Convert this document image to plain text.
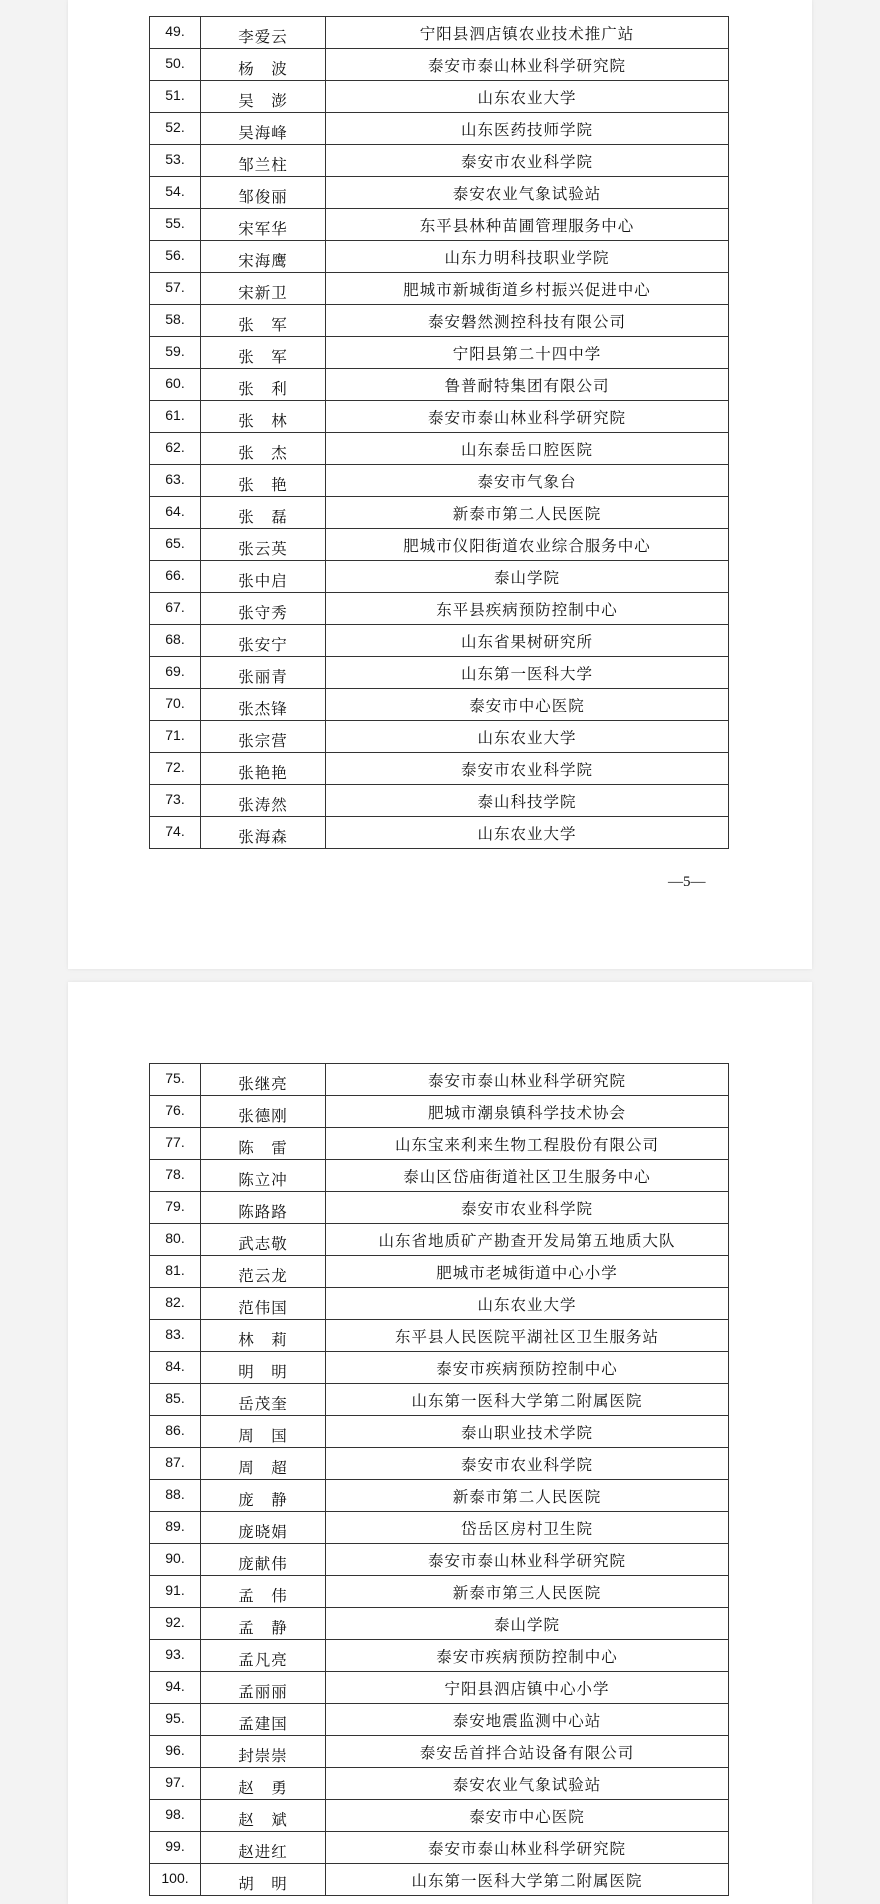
49.	李爱云	宁阳县泗店镇农业技术推广站
50.	杨　波	泰安市泰山林业科学研究院
51.	吴　澎	山东农业大学
52.	吴海峰	山东医药技师学院
53.	邹兰柱	泰安市农业科学院
54.	邹俊丽	泰安农业气象试验站
55.	宋军华	东平县林种苗圃管理服务中心
56.	宋海鹰	山东力明科技职业学院
57.	宋新卫	肥城市新城街道乡村振兴促进中心
58.	张　军	泰安磐然测控科技有限公司
59.	张　军	宁阳县第二十四中学
60.	张　利	鲁普耐特集团有限公司
61.	张　林	泰安市泰山林业科学研究院
62.	张　杰	山东泰岳口腔医院
63.	张　艳	泰安市气象台
64.	张　磊	新泰市第二人民医院
65.	张云英	肥城市仪阳街道农业综合服务中心
66.	张中启	泰山学院
67.	张守秀	东平县疾病预防控制中心
68.	张安宁	山东省果树研究所
69.	张丽青	山东第一医科大学
70.	张杰锋	泰安市中心医院
71.	张宗营	山东农业大学
72.	张艳艳	泰安市农业科学院
73.	张涛然	泰山科技学院
74.	张海森	山东农业大学
—5—
75.	张继亮	泰安市泰山林业科学研究院
76.	张德刚	肥城市潮泉镇科学技术协会
77.	陈　雷	山东宝来利来生物工程股份有限公司
78.	陈立冲	泰山区岱庙街道社区卫生服务中心
79.	陈路路	泰安市农业科学院
80.	武志敬	山东省地质矿产勘查开发局第五地质大队
81.	范云龙	肥城市老城街道中心小学
82.	范伟国	山东农业大学
83.	林　莉	东平县人民医院平湖社区卫生服务站
84.	明　明	泰安市疾病预防控制中心
85.	岳茂奎	山东第一医科大学第二附属医院
86.	周　国	泰山职业技术学院
87.	周　超	泰安市农业科学院
88.	庞　静	新泰市第二人民医院
89.	庞晓娟	岱岳区房村卫生院
90.	庞献伟	泰安市泰山林业科学研究院
91.	孟　伟	新泰市第三人民医院
92.	孟　静	泰山学院
93.	孟凡亮	泰安市疾病预防控制中心
94.	孟丽丽	宁阳县泗店镇中心小学
95.	孟建国	泰安地震监测中心站
96.	封崇崇	泰安岳首拌合站设备有限公司
97.	赵　勇	泰安农业气象试验站
98.	赵　斌	泰安市中心医院
99.	赵进红	泰安市泰山林业科学研究院
100.	胡　明	山东第一医科大学第二附属医院
